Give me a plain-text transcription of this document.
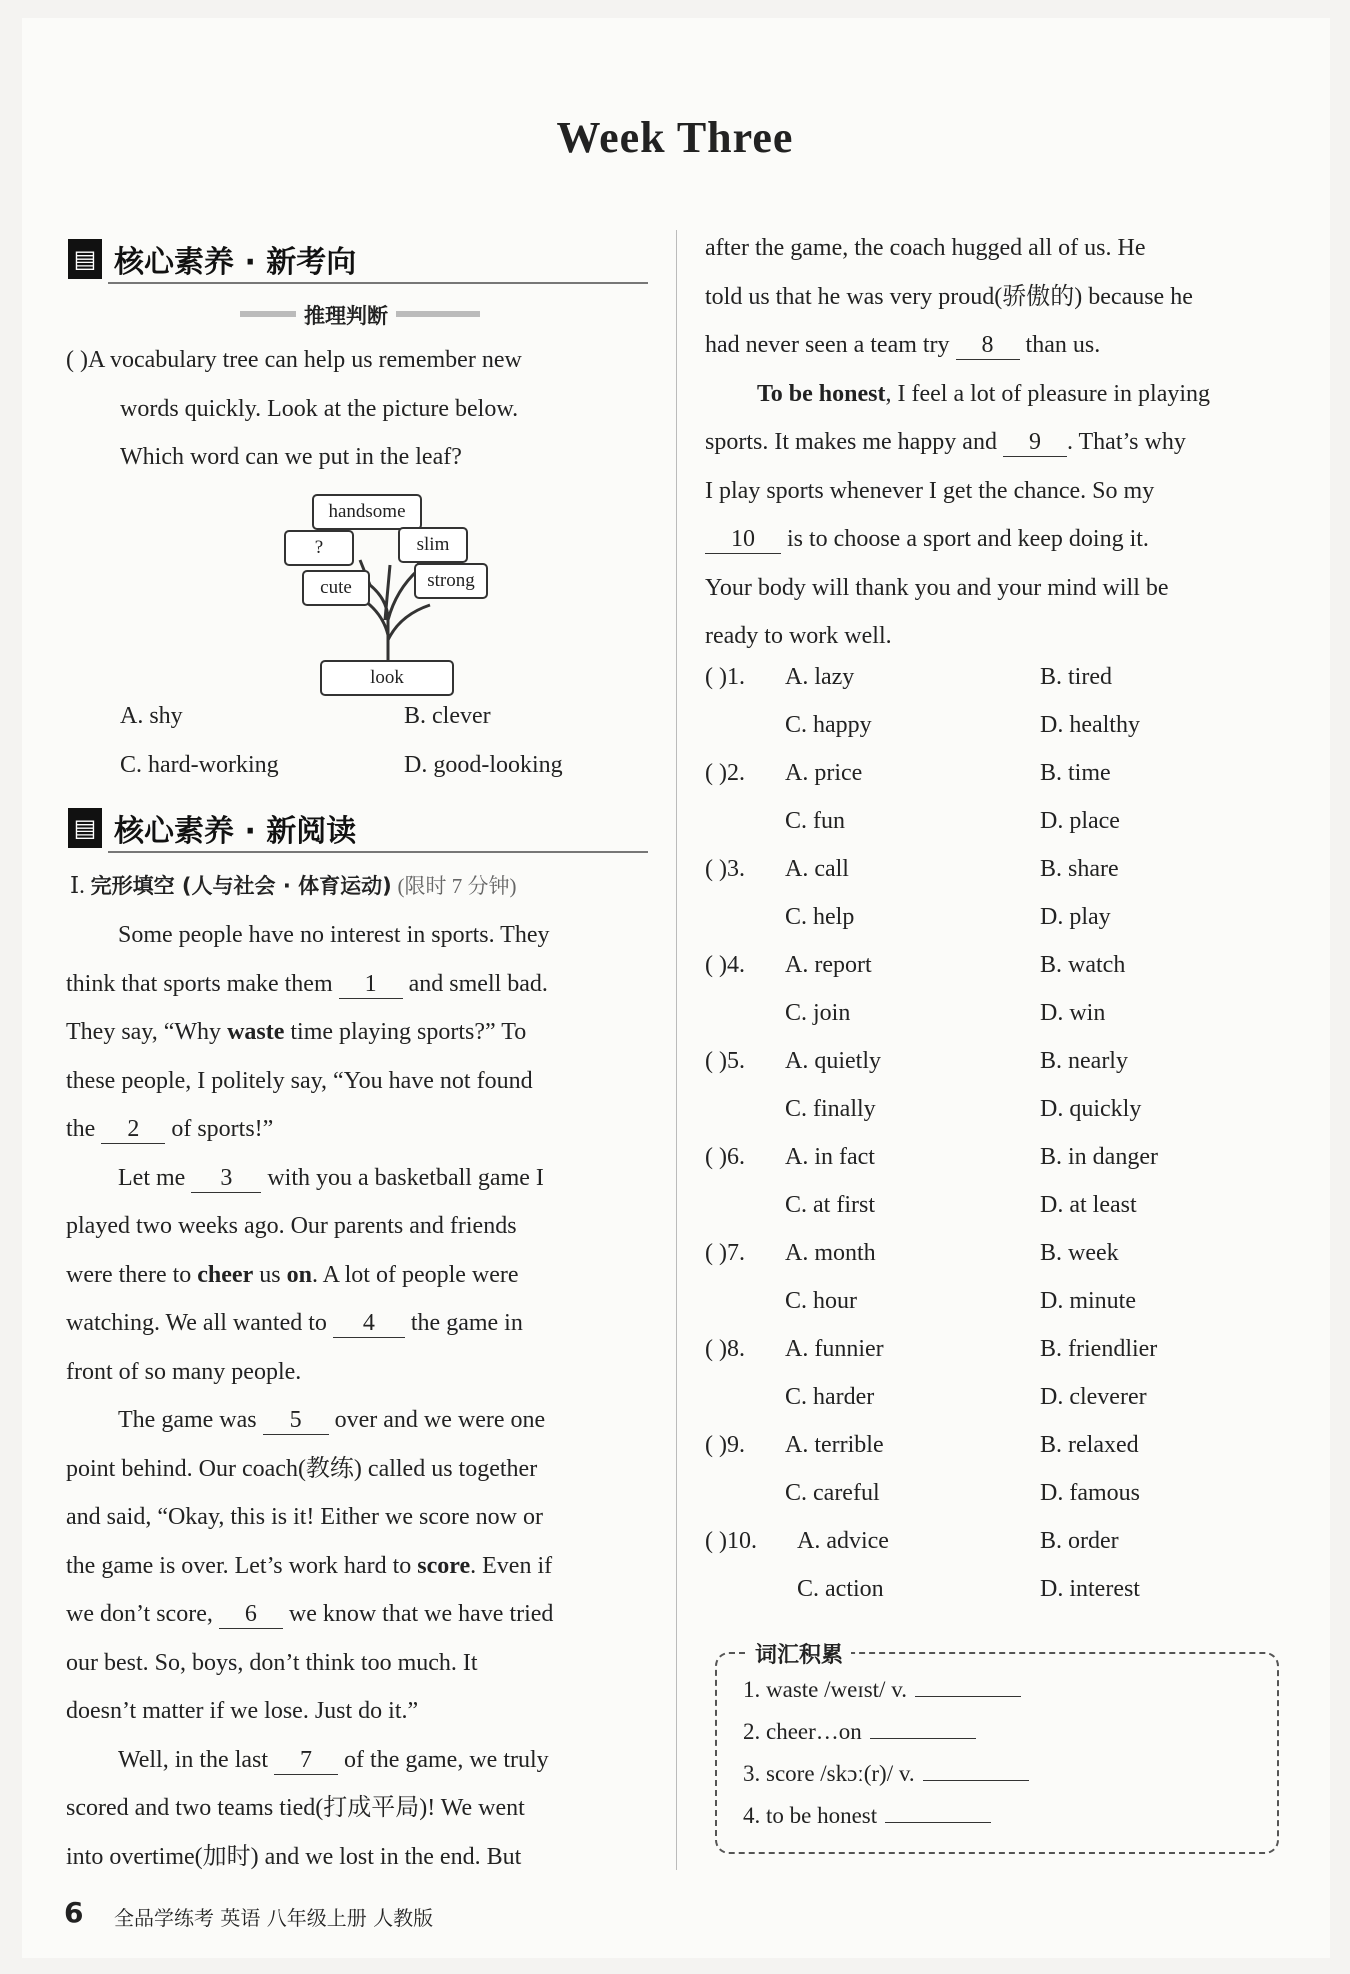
Week Three
▤ 核心素养 · 新考向
推理判断
( )A vocabulary tree can help us remember new
words quickly. Look at the picture below.
Which word can we put in the leaf?
handsome
?	slim
cute	strong
look
A. shy	B. clever
C. hard-working	D. good-looking
▤ 核心素养 · 新阅读
Ⅰ. 完形填空 (人与社会 · 体育运动) (限时 7 分钟)
Some people have no interest in sports. They
think that sports make them 1 and smell bad.
They say, “Why waste time playing sports?” To
these people, I politely say, “You have not found
the 2 of sports!”
Let me 3 with you a basketball game I
played two weeks ago. Our parents and friends
were there to cheer us on. A lot of people were
watching. We all wanted to 4 the game in
front of so many people.
The game was 5 over and we were one
point behind. Our coach(教练) called us together
and said, “Okay, this is it! Either we score now or
the game is over. Let’s work hard to score. Even if
we don’t score, 6 we know that we have tried
our best. So, boys, don’t think too much. It
doesn’t matter if we lose. Just do it.”
Well, in the last 7 of the game, we truly
scored and two teams tied(打成平局)! We went
into overtime(加时) and we lost in the end. But
after the game, the coach hugged all of us. He
told us that he was very proud(骄傲的) because he
had never seen a team try 8 than us.
To be honest, I feel a lot of pleasure in playing
sports. It makes me happy and 9 . That’s why
I play sports whenever I get the chance. So my
10 is to choose a sport and keep doing it.
Your body will thank you and your mind will be
ready to work well.
( )1. A. lazy	B. tired
C. happy	D. healthy
( )2. A. price	B. time
C. fun	D. place
( )3. A. call	B. share
C. help	D. play
( )4. A. report	B. watch
C. join	D. win
( )5. A. quietly	B. nearly
C. finally	D. quickly
( )6. A. in fact	B. in danger
C. at first	D. at least
( )7. A. month	B. week
C. hour	D. minute
( )8. A. funnier	B. friendlier
C. harder	D. cleverer
( )9. A. terrible	B. relaxed
C. careful	D. famous
( )10. A. advice	B. order
C. action	D. interest
词汇积累
1. waste /weɪst/ v.
2. cheer…on
3. score /skɔː(r)/ v.
4. to be honest
6 全品学练考 英语 八年级上册 人教版
